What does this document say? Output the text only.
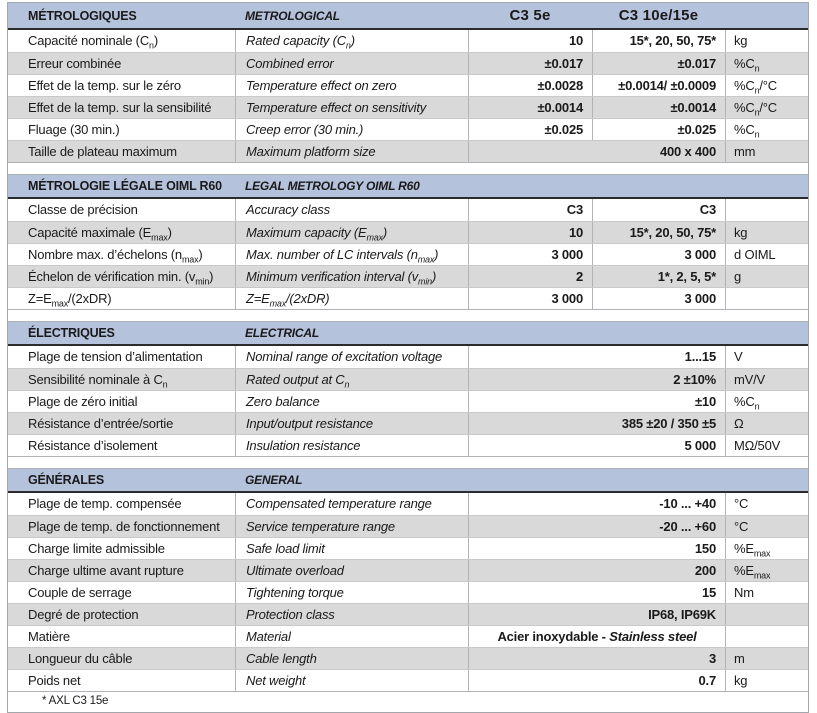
MÉTROLOGIQUES	METROLOGICAL	C3 5e	C3 10e/15e
Capacité nominale $(C_n)$	Rated capacity $(C_n)$	10	15*, 20, 50, 75*	kg
Erreur combinée	Combined error	±0.017	±0.017	$\%C_n$
Effet de la temp. sur le zéro	Temperature effect on zero	±0.0028	±0.0014/ ±0.0009	$\%C_n/^\circ C$
Effet de la temp. sur la sensibilité	Temperature effect on sensitivity	±0.0014	±0.0014	$\%C_n/^\circ C$
Fluage (30 min.)	Creep error (30 min.)	±0.025	±0.025	$\%C_n$
Taille de plateau maximum	Maximum platform size	400 x 400	mm
MÉTROLOGIE LÉGALE OIML R60	LEGAL METROLOGY OIML R60
Classe de précision	Accuracy class	C3	C3
Capacité maximale $(E_{max})$	Maximum capacity $(E_{max})$	10	15*, 20, 50, 75*	kg
Nombre max. d’échelons $(n_{max})$	Max. number of LC intervals $(n_{max})$	3 000	3 000	d OIML
Échelon de vérification min. $(v_{min})$	Minimum verification interval $(v_{min})$	2	1*, 2, 5, 5*	g
$Z=E_{max}/(2xDR)$	$Z=E_{max}/(2xDR)$	3 000	3 000
ÉLECTRIQUES	ELECTRICAL
Plage de tension d’alimentation	Nominal range of excitation voltage	1...15	V
Sensibilité nominale à $C_n$	Rated output at $C_n$	2 ±10%	mV/V
Plage de zéro initial	Zero balance	±10	$\%C_n$
Résistance d’entrée/sortie	Input/output resistance	385 ±20 / 350 ±5	Ω
Résistance d’isolement	Insulation resistance	5 000	MΩ/50V
GÉNÉRALES	GENERAL
Plage de temp. compensée	Compensated temperature range	-10 ... +40	°C
Plage de temp. de fonctionnement	Service temperature range	-20 ... +60	°C
Charge limite admissible	Safe load limit	150	$\%E_{max}$
Charge ultime avant rupture	Ultimate overload	200	$\%E_{max}$
Couple de serrage	Tightening torque	15	Nm
Degré de protection	Protection class	IP68, IP69K
Matière	Material	Acier inoxydable - Stainless steel
Longueur du câble	Cable length	3	m
Poids net	Net weight	0.7	kg
* AXL C3 15e
